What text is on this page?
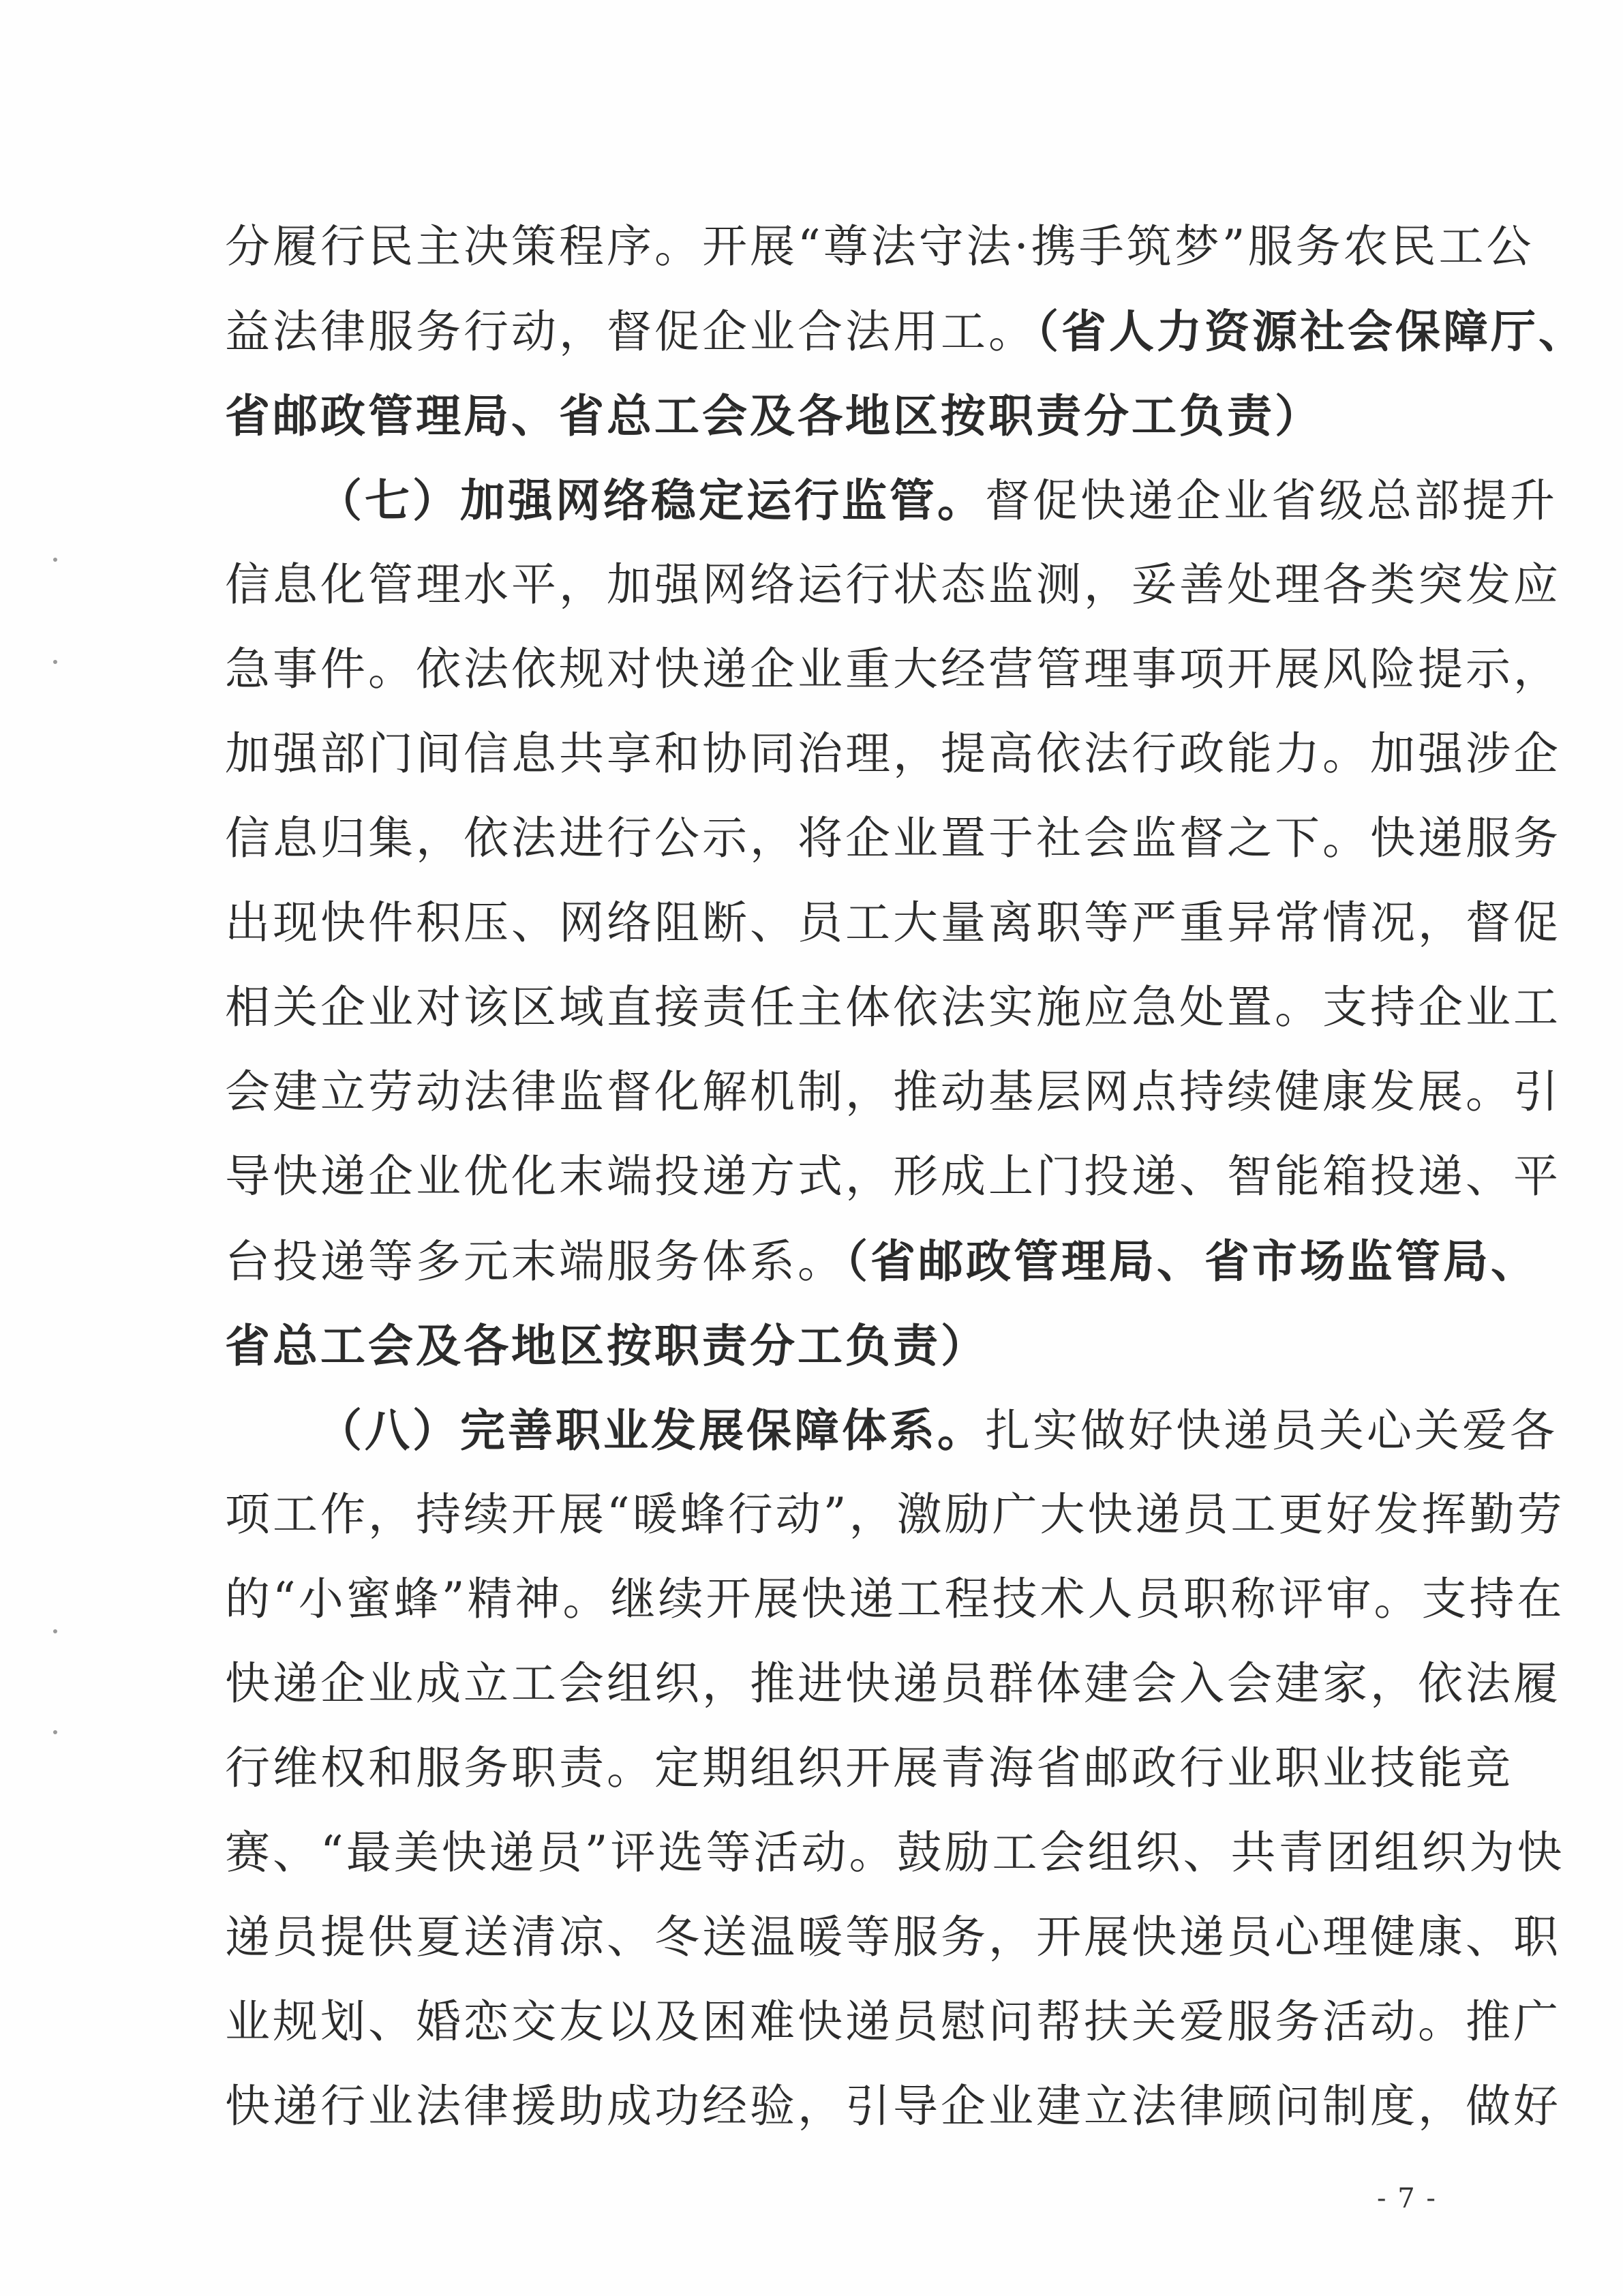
分履行民主决策程序。开展“尊法守法·携手筑梦”服务农民工公
益法律服务行动，督促企业合法用工。（省人力资源社会保障厅、
省邮政管理局、省总工会及各地区按职责分工负责）
（七）加强网络稳定运行监管。督促快递企业省级总部提升
信息化管理水平，加强网络运行状态监测，妥善处理各类突发应
急事件。依法依规对快递企业重大经营管理事项开展风险提示，
加强部门间信息共享和协同治理，提高依法行政能力。加强涉企
信息归集，依法进行公示，将企业置于社会监督之下。快递服务
出现快件积压、网络阻断、员工大量离职等严重异常情况，督促
相关企业对该区域直接责任主体依法实施应急处置。支持企业工
会建立劳动法律监督化解机制，推动基层网点持续健康发展。引
导快递企业优化末端投递方式，形成上门投递、智能箱投递、平
台投递等多元末端服务体系。（省邮政管理局、省市场监管局、
省总工会及各地区按职责分工负责）
（八）完善职业发展保障体系。扎实做好快递员关心关爱各
项工作，持续开展“暖蜂行动”，激励广大快递员工更好发挥勤劳
的“小蜜蜂”精神。继续开展快递工程技术人员职称评审。支持在
快递企业成立工会组织，推进快递员群体建会入会建家，依法履
行维权和服务职责。定期组织开展青海省邮政行业职业技能竞
赛、“最美快递员”评选等活动。鼓励工会组织、共青团组织为快
递员提供夏送清凉、冬送温暖等服务，开展快递员心理健康、职
业规划、婚恋交友以及困难快递员慰问帮扶关爱服务活动。推广
快递行业法律援助成功经验，引导企业建立法律顾问制度，做好
- 7 -
